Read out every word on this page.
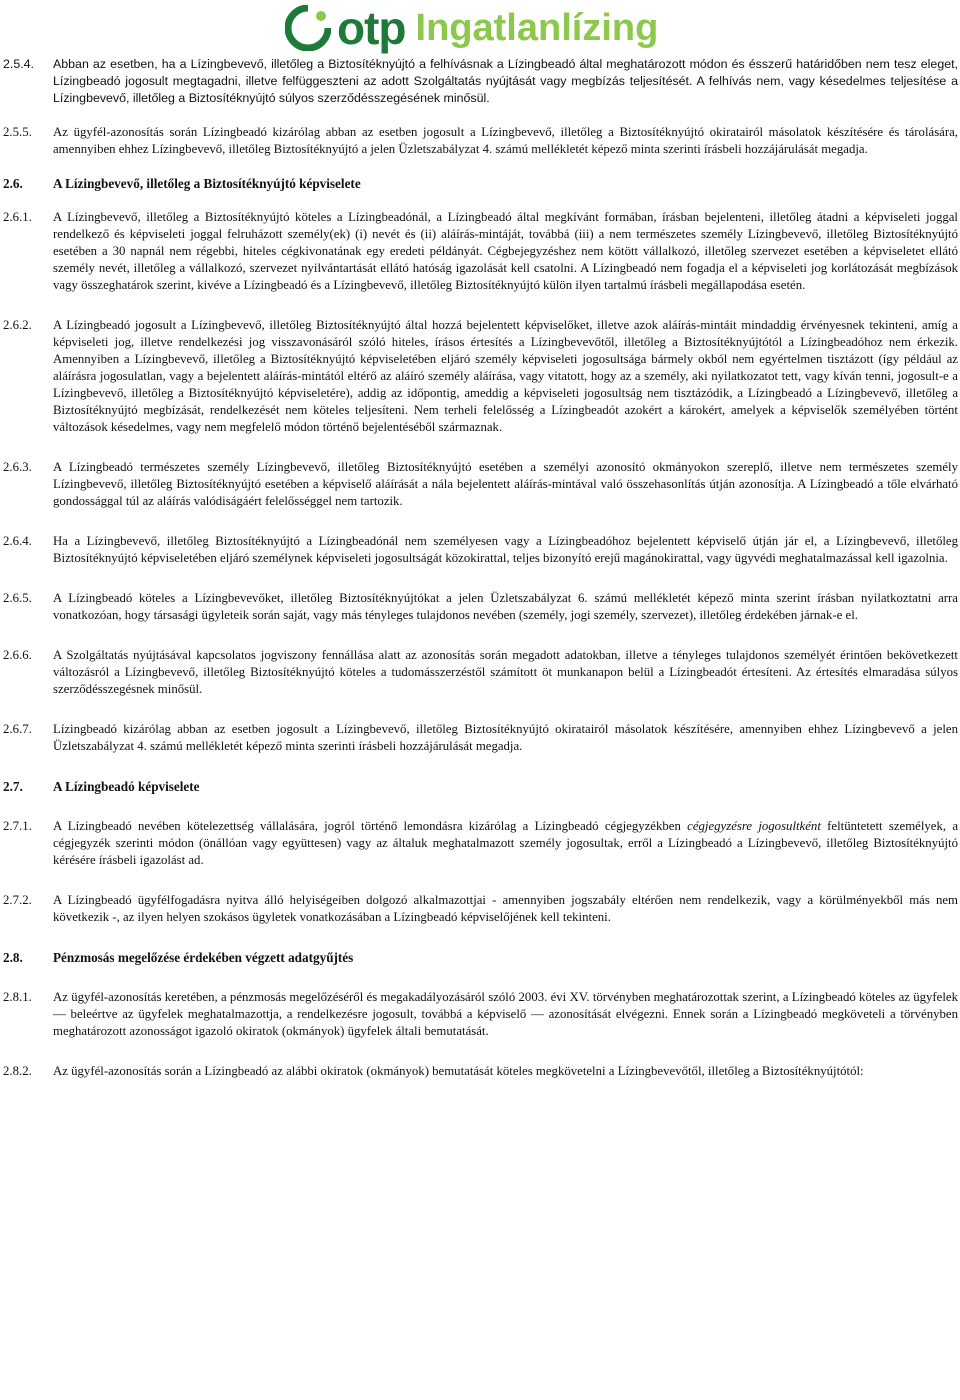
otp Ingatlanlízing
2.5.4.	Abban az esetben, ha a Lízingbevevő, illetőleg a Biztosítéknyújtó a felhívásnak a Lízingbeadó által meghatározott módon és ésszerű határidőben nem tesz eleget, Lízingbeadó jogosult megtagadni, illetve felfüggeszteni az adott Szolgáltatás nyújtását vagy megbízás teljesítését. A felhívás nem, vagy késedelmes teljesítése a Lízingbevevő, illetőleg a Biztosítéknyújtó súlyos szerződésszegésének minősül.
2.5.5.	Az ügyfél-azonosítás során Lízingbeadó kizárólag abban az esetben jogosult a Lízingbevevő, illetőleg a Biztosítéknyújtó okiratairól másolatok készítésére és tárolására, amennyiben ehhez Lízingbevevő, illetőleg Biztosítéknyújtó a jelen Üzletszabályzat 4. számú mellékletét képező minta szerinti írásbeli hozzájárulását megadja.
2.6.	A Lízingbevevő, illetőleg a Biztosítéknyújtó képviselete
2.6.1.	A Lízingbevevő, illetőleg a Biztosítéknyújtó köteles a Lízingbeadónál, a Lízingbeadó által megkívánt formában, írásban bejelenteni, illetőleg átadni a képviseleti joggal rendelkező és képviseleti joggal felruházott személy(ek) (i) nevét és (ii) aláírás-mintáját, továbbá (iii) a nem természetes személy Lízingbevevő, illetőleg Biztosítéknyújtó esetében a 30 napnál nem régebbi, hiteles cégkivonatának egy eredeti példányát. Cégbejegyzéshez nem kötött vállalkozó, illetőleg szervezet esetében a képviseletet ellátó személy nevét, illetőleg a vállalkozó, szervezet nyilvántartását ellátó hatóság igazolását kell csatolni. A Lízingbeadó nem fogadja el a képviseleti jog korlátozását megbízások vagy összeghatárok szerint, kivéve a Lízingbeadó és a Lízingbevevő, illetőleg Biztosítéknyújtó külön ilyen tartalmú írásbeli megállapodása esetén.
2.6.2.	A Lízingbeadó jogosult a Lízingbevevő, illetőleg Biztosítéknyújtó által hozzá bejelentett képviselőket, illetve azok aláírás-mintáit mindaddig érvényesnek tekinteni, amíg a képviseleti jog, illetve rendelkezési jog visszavonásáról szóló hiteles, írásos értesítés a Lízingbevevőtől, illetőleg a Biztosítéknyújtótól a Lízingbeadóhoz nem érkezik. Amennyiben a Lízingbevevő, illetőleg a Biztosítéknyújtó képviseletében eljáró személy képviseleti jogosultsága bármely okból nem egyértelmen tisztázott (így például az aláírásra jogosulatlan, vagy a bejelentett aláírás-mintától eltérő az aláíró személy aláírása, vagy vitatott, hogy az a személy, aki nyilatkozatot tett, vagy kíván tenni, jogosult-e a Lízingbevevő, illetőleg a Biztosítéknyújtó képviseletére), addig az időpontig, ameddig a képviseleti jogosultság nem tisztázódik, a Lízingbeadó a Lízingbevevő, illetőleg a Biztosítéknyújtó megbízását, rendelkezését nem köteles teljesíteni. Nem terheli felelősség a Lízingbeadót azokért a károkért, amelyek a képviselők személyében történt változások késedelmes, vagy nem megfelelő módon történő bejelentéséből származnak.
2.6.3.	A Lízingbeadó természetes személy Lízingbevevő, illetőleg Biztosítéknyújtó esetében a személyi azonosító okmányokon szereplő, illetve nem természetes személy Lízingbevevő, illetőleg Biztosítéknyújtó esetében a képviselő aláírását a nála bejelentett aláírás-mintával való összehasonlítás útján azonosítja. A Lízingbeadó a tőle elvárható gondossággal túl az aláírás valódiságáért felelősséggel nem tartozik.
2.6.4.	Ha a Lízingbevevő, illetőleg Biztosítéknyújtó a Lízingbeadónál nem személyesen vagy a Lízingbeadóhoz bejelentett képviselő útján jár el, a Lízingbevevő, illetőleg Biztosítéknyújtó képviseletében eljáró személynek képviseleti jogosultságát közokirattal, teljes bizonyító erejű magánokirattal, vagy ügyvédi meghatalmazással kell igazolnia.
2.6.5.	A Lízingbeadó köteles a Lízingbevevőket, illetőleg Biztosítéknyújtókat a jelen Üzletszabályzat 6. számú mellékletét képező minta szerint írásban nyilatkoztatni arra vonatkozóan, hogy társasági ügyleteik során saját, vagy más tényleges tulajdonos nevében (személy, jogi személy, szervezet), illetőleg érdekében járnak-e el.
2.6.6.	A Szolgáltatás nyújtásával kapcsolatos jogviszony fennállása alatt az azonosítás során megadott adatokban, illetve a tényleges tulajdonos személyét érintően bekövetkezett változásról a Lízingbevevő, illetőleg Biztosítéknyújtó köteles a tudomásszerzéstől számított öt munkanapon belül a Lízingbeadót értesíteni. Az értesítés elmaradása súlyos szerződésszegésnek minősül.
2.6.7.	Lízingbeadó kizárólag abban az esetben jogosult a Lízingbevevő, illetőleg Biztosítéknyújtó okiratairól másolatok készítésére, amennyiben ehhez Lízingbevevő a jelen Üzletszabályzat 4. számú mellékletét képező minta szerinti írásbeli hozzájárulását megadja.
2.7.	A Lízingbeadó képviselete
2.7.1.	A Lízingbeadó nevében kötelezettség vállalására, jogról történő lemondásra kizárólag a Lízingbeadó cégjegyzékben cégjegyzésre jogosultként feltüntetett személyek, a cégjegyzék szerinti módon (önállóan vagy együttesen) vagy az általuk meghatalmazott személy jogosultak, erről a Lízingbeadó a Lízingbevevő, illetőleg Biztosítéknyújtó kérésére írásbeli igazolást ad.
2.7.2.	A Lízingbeadó ügyfélfogadásra nyitva álló helyiségeiben dolgozó alkalmazottjai - amennyiben jogszabály eltérően nem rendelkezik, vagy a körülményekből más nem következik -, az ilyen helyen szokásos ügyletek vonatkozásában a Lízingbeadó képviselőjének kell tekinteni.
2.8.	Pénzmosás megelőzése érdekében végzett adatgyűjtés
2.8.1.	Az ügyfél-azonosítás keretében, a pénzmosás megelőzéséről és megakadályozásáról szóló 2003. évi XV. törvényben meghatározottak szerint, a Lízingbeadó köteles az ügyfelek — beleértve az ügyfelek meghatalmazottja, a rendelkezésre jogosult, továbbá a képviselő — azonosítását elvégezni. Ennek során a Lízingbeadó megköveteli a törvényben meghatározott azonosságot igazoló okiratok (okmányok) ügyfelek általi bemutatását.
2.8.2.	Az ügyfél-azonosítás során a Lízingbeadó az alábbi okiratok (okmányok) bemutatását köteles megkövetelni a Lízingbevevőtől, illetőleg a Biztosítéknyújtótól:
